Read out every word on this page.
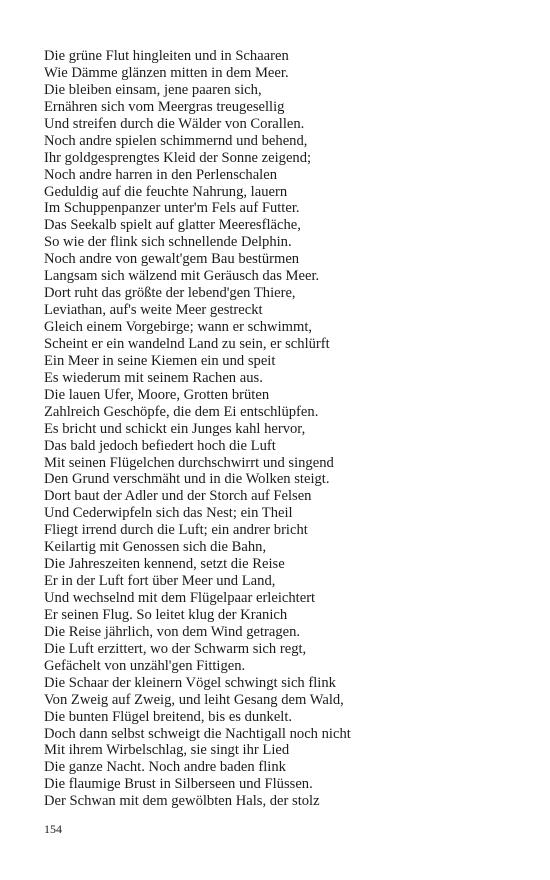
Die grüne Flut hingleiten und in Schaaren
Wie Dämme glänzen mitten in dem Meer.
Die bleiben einsam, jene paaren sich,
Ernähren sich vom Meergras treugesellig
Und streifen durch die Wälder von Corallen.
Noch andre spielen schimmernd und behend,
Ihr goldgesprengtes Kleid der Sonne zeigend;
Noch andre harren in den Perlenschalen
Geduldig auf die feuchte Nahrung, lauern
Im Schuppenpanzer unter'm Fels auf Futter.
Das Seekalb spielt auf glatter Meeresfläche,
So wie der flink sich schnellende Delphin.
Noch andre von gewalt'gem Bau bestürmen
Langsam sich wälzend mit Geräusch das Meer.
Dort ruht das größte der lebend'gen Thiere,
Leviathan, auf's weite Meer gestreckt
Gleich einem Vorgebirge; wann er schwimmt,
Scheint er ein wandelnd Land zu sein, er schlürft
Ein Meer in seine Kiemen ein und speit
Es wiederum mit seinem Rachen aus.
Die lauen Ufer, Moore, Grotten brüten
Zahlreich Geschöpfe, die dem Ei entschlüpfen.
Es bricht und schickt ein Junges kahl hervor,
Das bald jedoch befiedert hoch die Luft
Mit seinen Flügelchen durchschwirrt und singend
Den Grund verschmäht und in die Wolken steigt.
Dort baut der Adler und der Storch auf Felsen
Und Cederwipfeln sich das Nest; ein Theil
Fliegt irrend durch die Luft; ein andrer bricht
Keilartig mit Genossen sich die Bahn,
Die Jahreszeiten kennend, setzt die Reise
Er in der Luft fort über Meer und Land,
Und wechselnd mit dem Flügelpaar erleichtert
Er seinen Flug. So leitet klug der Kranich
Die Reise jährlich, von dem Wind getragen.
Die Luft erzittert, wo der Schwarm sich regt,
Gefächelt von unzähl'gen Fittigen.
Die Schaar der kleinern Vögel schwingt sich flink
Von Zweig auf Zweig, und leiht Gesang dem Wald,
Die bunten Flügel breitend, bis es dunkelt.
Doch dann selbst schweigt die Nachtigall noch nicht
Mit ihrem Wirbelschlag, sie singt ihr Lied
Die ganze Nacht. Noch andre baden flink
Die flaumige Brust in Silberseen und Flüssen.
Der Schwan mit dem gewölbten Hals, der stolz
154
